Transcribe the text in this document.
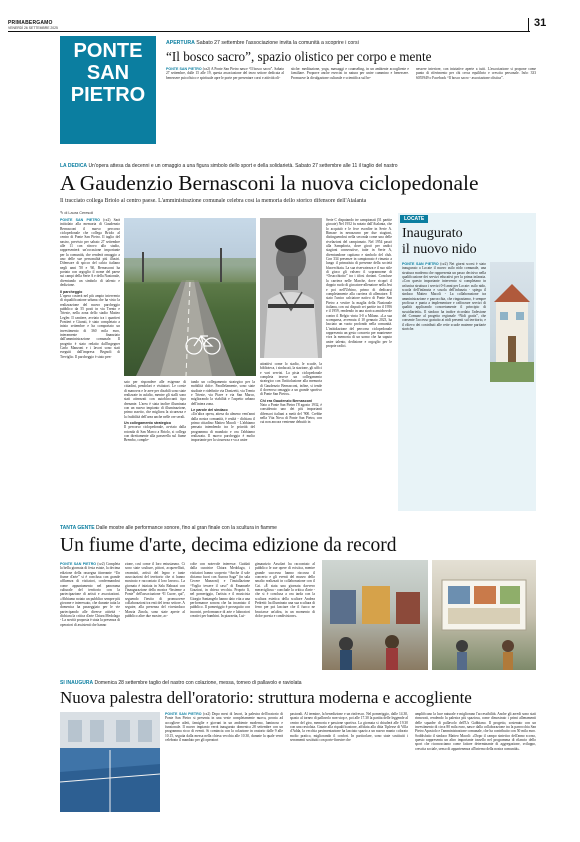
PRIMABERGAMO
VENERDÌ 26 SETTEMBRE 2025	31
PONTE
SAN
PIETRO
APERTURA Sabato 27 settembre l'associazione invita la comunità a scoprire i corsi
“Il bosco sacro”, spazio olistico per corpo e mente
PONTE SAN PIETRO (cz2) A Ponte San Pietro nasce “Il bosco sacro”. Sabato 27 settembre, dalle 15 alle 19, questa associazione del terzo settore dedicata al benessere psicofisico e spirituale apre le porte per presentare corsi e attività oli-
stiche: meditazione, yoga, massaggi e counseling, in un ambiente accogliente e familiare. Proporre anche esercizi in natura per unire cammino e benessere. Promuove la divulgazione culturale e scientifica sul be-
nessere interiore, con iniziative aperte a tutti. L'associazione si propone come punto di riferimento per chi cerca equilibrio e crescita personale. Info: 333 6055949 o Facebook “Il bosco sacro - associazione olistica”.
LA DEDICA Un'opera attesa da decenni e un omaggio a una figura simbolo dello sport e della solidarietà. Sabato 27 settembre alle 11 il taglio del nastro
A Gaudenzio Bernasconi la nuova ciclopedonale
Il tracciato collega Briolo al centro paese. L'amministrazione comunale celebra così la memoria dello storico difensore dell'Atalanta
✎ di Laura Ceresoli
PONTE SAN PIETRO (cz2) Sarà intitolato alla memoria di Gaudenzio Bernasconi il nuovo percorso ciclopedonale che collega Briolo al centro di Ponte San Pietro. Il taglio del nastro, previsto per sabato 27 settembre alle 11 con ritrovo allo stadio, rappresenterà un'occasione importante per la comunità, che renderà omaggio a uno delle sue personalità più illustri. Difensore di spicco del calcio italiano negli anni '50 e '60, Bernasconi ha portato con orgoglio il nome del paese sui campi della Serie A e della Nazionale, diventando un simbolo di talento e dedizione.
Il parcheggio
L'opera costerà nel più ampio intervento di riqualificazione urbana che ha visto la realizzazione del nuovo parcheggio pubblico da 55 posti in via Trento e Trieste, nella zona dello stadio Matteo Legler. Il cantiere, avviato tra i quartieri Pontieri e Giurati, è stato completato a inizio settembre e ha comportato un investimento di 360 mila euro, interamente finanziato dall'amministrazione comunale. Il progetto è stato redatto dall'ingegner Carlo Manzoni e i lavori sono stati eseguiti dall'impresa Begnoli di Treviglio. Il parcheggio è stato pen-
sato per rispondere alle esigenze di cittadini, pendolari e visitatori. Le corsie di manovra e le aree per disabili sono state realizzate in asfalto, mentre gli stalli sono stati attrezzati con autobloccanti tipo drenante. L'area è stata inoltre illuminata con un nuovo impianto di illuminazione, primo assetto, che migliora la sicurezza e la fruibilità dell'area anche nelle ore serali.
Un collegamento strategico
Il percorso ciclopedonale, avviato dalla rotonda di San Marco a Briolo, si collega con direttamente alla passerella sul fiume Brembo, comple-
tando un collegamento strategico per la mobilità dolce. Parallelamente, sono state studiate e ridefinite via Donizetti, via Trento e Trieste, via Piave e via San Marco, migliorando la viabilità e l'aspetto urbano dell'intera zona.
Le parole del sindaco
«Un'altra opera, attesa da almeno vent'anni dalla nostra comunità, è realtà - dichiara il primo cittadino Matteo Macoli - L'abbiamo pensata intendendo tra le priorità del programma di mandato e ora l'abbiamo realizzata. Il nuovo parcheggio è molto importante per la sicurezza e va a unire
attrattivi come lo stadio, le scuole, la biblioteca, i sindacati, la stazione, gli uffici e vari servizi. La pista ciclopedonale completa invece un collegamento strategico con l'intitolazione alla memoria di Gaudenzio Bernasconi, infine, si tende il doveroso omaggio a un grande sportivo di Ponte San Pietro».
Chi era Gaudenzio Bernasconi
Nato a Ponte San Pietro l'8 agosto 1932, è considerato uno dei più importanti difensori italiani a metà del '900. Crebbe nella Vita Nova di Ponte San Pietro, con cui non ancora ventenne debuttò in
Serie C disputando tre campionati (51 partite giocate) Nel 1952 fu notato dall'Atalanta, che lo acquistò e le fece esordire in Serie A. Rimase in nerazzurro per due stagioni, distinguendosi nella seconda come una delle rivelazioni del campionato. Nel 1954 passò alla Sampdoria, dove giocò per undici stagioni consecutive, tutte in Serie A, diventandone capitano e simbolo del club. Con 334 presenze in campionato è rimasto a lungo il primatista di presenze della società blucerchiata. La sua riservatezza e il suo stile di gioco gli valsero il soprannome di “Orsacchiotto” tra i tifosi doriani. Concluse la carriera nelle Marche, dove ricoprì il doppio ruolo di giocatore-allenatore nella Jesi e poi nell'Urbino, primo di dedicarsi completamente alla carriera di allenatore. È stato l'unico calciatore nativo di Ponte San Pietro a vestire la maglia della Nazionale italiana, con cui disputò sei partite tra il 1956 e il 1959, rendendo in una storica amichevole contro il Belgio vinta 3-0 a Milano. «La sua scomparsa, avvenuta il 10 gennaio 2023, ha lasciato un vuoto profondo nella comunità. L'intitolazione del percorso ciclopedonale rappresenta un gesto concreto per mantenere viva la memoria di un uomo che ha saputo unire talento, dedizione e orgoglio per le proprie radici.
LOCATE
Inaugurato
il nuovo nido
PONTE SAN PIETRO (cz2) Nei giorni scorsi è stato inaugurato a Locate il nuovo asilo nido comunale, una struttura moderna che rappresenta un passo decisivo nella qualificazione dei servizi educativi per la prima infanzia. «Con questo importante intervento si completano in un'unica struttura i servizi 0-6 anni per Locate: asilo nido, scuola dell'infanzia e scuola dell'infanzia - spiega il sindaco Matteo Macoli - La collaborazione tra amministrazione e parrocchia, che ringraziamo, è sempre proficua e punta a implementare e rafforzare servizi di qualità applicando concretamente il principio di sussidiarietà». Il sindaco ha inoltre ricordato l'adesione del Comune al progetto regionale “Nidi gratis”, che consente l'accesso gratuito ai nidi presenti sul territorio, e il rilievo dei contributi alle rette scuole materne paritarie storiche.
TANTA GENTE Dalle mostre alle performance sonore, fino al gran finale con la scultura in fiamme
Un fiume d'arte, decima edizione da record
PONTE SAN PIETRO (cz2) Completa la bella giornata di festa estate, la decima edizione della rassegna itinerante “Un fiume d'arte” si è conclusa con grande affluenza di visitatori, confermandosi come appuntamento nel panorama culturale del territorio con la partecipazione di artisti e associazioni. «Abbiamo notato un pubblico sempre più giovane e interessato, che durante tutta la domenica ha passeggiato per le vie partecipando alle diverse attività - dichiara la critica d'arte Chiara Medolago - La novità proposta è stata la presenza di operatori di assistenti che hanno
zione, così come il loro entusiasmo. Ci sono state sculture, pittori, acquerellisti, ceramisti, artisti del legno e tante associazioni del territorio che ci hanno mostrato e raccontato il loro lavoro». La giornata è iniziata in Sala Rabuzzi con l'inaugurazione della mostra “Insieme a Ponte” dell'associazione “Il Cuore, qui”, seguendo l'invito di promuovere collaborazioni tra enti del terzo settore. A seguire, alla presenza del vicesindaco Marzia Zinola, sono state aperte al pubblico altre due mostre, ac-
colte con notevole interesse. Guidati dalla curatrice Chiara Medolago, i visitatori hanno scoperto “Anche il sole diciamo fuori con Aurora Saga” (in sala Cecere Manzoni) e l'installazione “Voglio tessere il caso” di Emanuele Graziosi, in chiesa vecchia. Proprio lì, nel pomeriggio, l'artista e il musicista Giorgio Santangelo hanno dato vita a una performance sonora che ha incantato il pubblico. Il pomeriggio è proseguito con incontri, performance di arte e laboratori creativi per bambini. In piazzetta, Lui-
gimaurizio Assolari ha raccontato al pubblico le sue opere di ecistica, mentre grande successo hanno riscosso il concerto e gli eventi del museo dello smalto realizzati in collaborazione con il Cai. «È stata una giornata davvero meravigliosa - conclude la critica d'arte - che si è conclusa a ora tarda con la scultura estetica della scultore Andrea Pedretti: ha illuminato una sua scultura di ferro per poi lasciare che il fuoco ne bruciasse un'altra, in un momento di dolce poesia e condivisione».
SI INAUGURA Domenica 28 settembre taglio del nastro con colazione, messa, torneo di pallavolo e raviolata
Nuova palestra dell'oratorio: struttura moderna e accogliente
PONTE SAN PIETRO (cz2) Dopo mesi di lavori, la palestra dell'oratorio di Ponte San Pietro si presenta in una veste completamente nuova, pronta ad accogliere atleti, famiglie e giovani in un ambiente moderno, luminoso e funzionale. Il nuovo impianto verrà inaugurato domenica 28 settembre con un programma ricco di eventi. Si comincia con la colazione in oratorio dalle 9 alle 10.15, seguita dalla messa nella chiesa vecchia alle 10.30, durante la quale verrà celebrato il mandato per gli operatori
pastorali. Al termine, la benedizione e un rinfresco. Nel pomeriggio, dalle 14.30, spazio al torneo di pallavolo non-stop e, poi alle 17.30 la partita delle leggende al centro del giro, memoria e passione sportiva. La giornata si chiuderà alle 19.30 con una raviolata. Grazie alla riqualificazione, affidata alla ditta Tiplesse di Villa d'Adda, la vecchia pavimentazione ha lasciato spazio a un nuovo manto colorato molto pratico, migliorando il confort. In particolare, sono state sostituiti i serramenti sostituiti con porte-finestre che
amplificano la luce naturale e migliorano l'accessibilità. Anche gli arredi sono stati rinnovati, rendendo la palestra più spaziosa, come dimostrato i primi allenamenti delle squadre di pallavolo dell'Us Gabbiano. Il progetto, sostenuto con un investimento di circa 80 mila euro, nasce dalla collaborazione tra la parrocchia San Pietro Apostolo e l'amministrazione comunale, che ha contribuito con 50 mila euro. Soddisfatto il sindaco Matteo Macoli: «Dopo il campo sintetico dell'anno scorso, questo rappresenta un altro importante tassello nel programma di rilancio dello sport che riconosciamo come fattore determinante di aggregazione, sviluppo, crescita sociale, senso di appartenenza all'interno della nostra comunità».
